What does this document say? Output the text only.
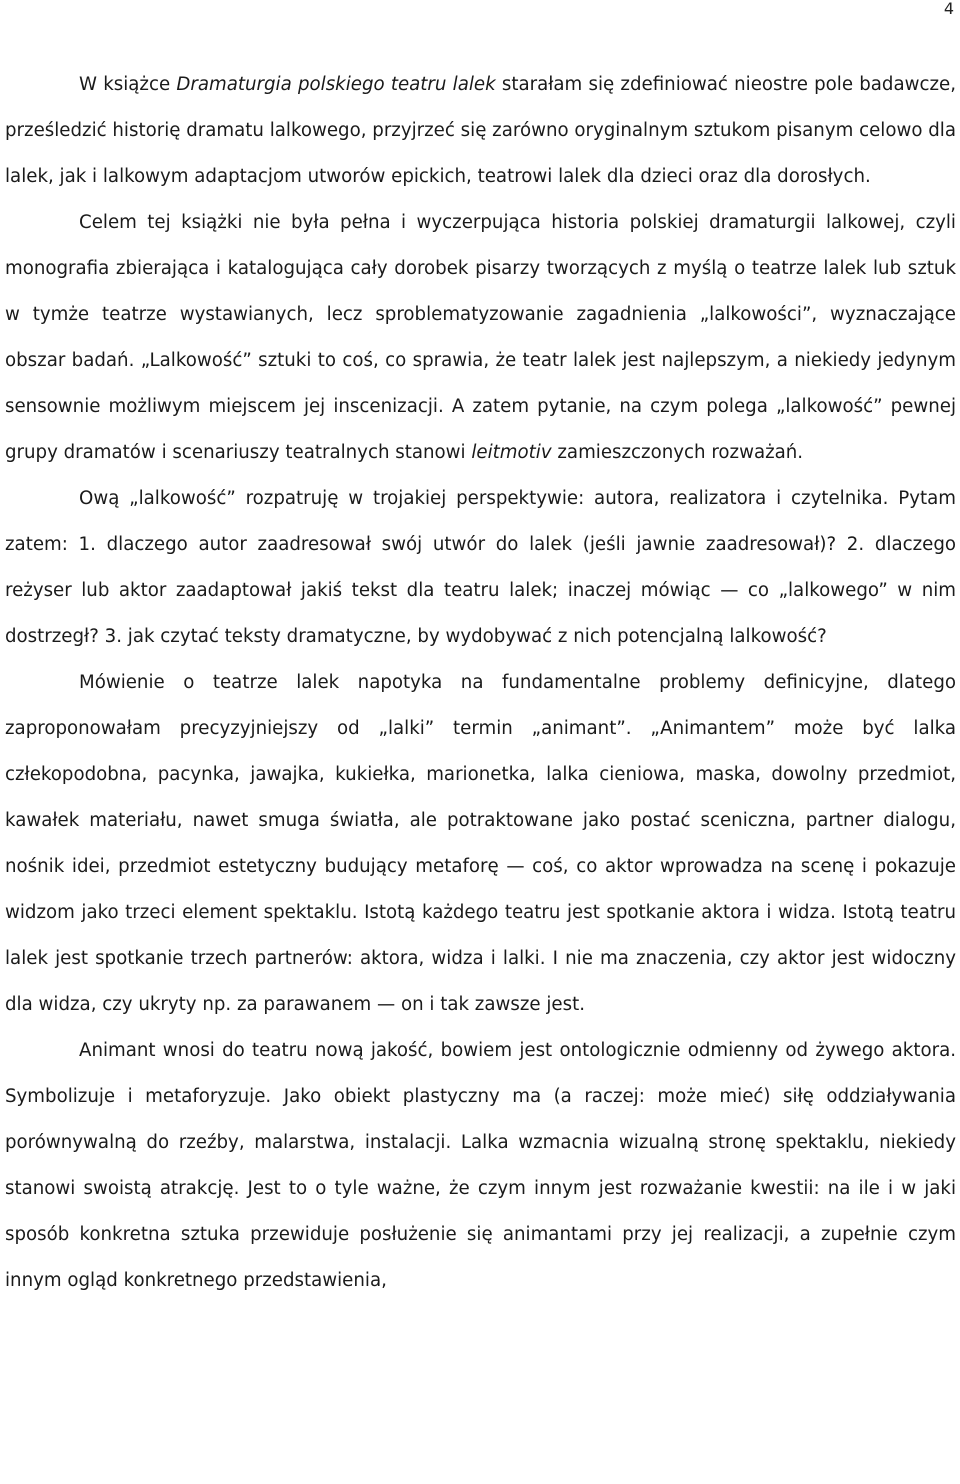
4

W książce Dramaturgia polskiego teatru lalek starałam się zdefiniować nieostre pole badawcze, prześledzić historię dramatu lalkowego, przyjrzeć się zarówno oryginalnym sztukom pisanym celowo dla lalek, jak i lalkowym adaptacjom utworów epickich, teatrowi lalek dla dzieci oraz dla dorosłych.

Celem tej książki nie była pełna i wyczerpująca historia polskiej dramaturgii lalkowej, czyli monografia zbierająca i katalogująca cały dorobek pisarzy tworzących z myślą o teatrze lalek lub sztuk w tymże teatrze wystawianych, lecz sproblematyzowanie zagadnienia „lalkowości”, wyznaczające obszar badań. „Lalkowość” sztuki to coś, co sprawia, że teatr lalek jest najlepszym, a niekiedy jedynym sensownie możliwym miejscem jej inscenizacji. A zatem pytanie, na czym polega „lalkowość” pewnej grupy dramatów i scenariuszy teatralnych stanowi leitmotiv zamieszczonych rozważań.

Ową „lalkowość” rozpatruję w trojakiej perspektywie: autora, realizatora i czytelnika. Pytam zatem: 1. dlaczego autor zaadresował swój utwór do lalek (jeśli jawnie zaadresował)? 2. dlaczego reżyser lub aktor zaadaptował jakiś tekst dla teatru lalek; inaczej mówiąc — co „lalkowego” w nim dostrzegł? 3. jak czytać teksty dramatyczne, by wydobywać z nich potencjalną lalkowość?

Mówienie o teatrze lalek napotyka na fundamentalne problemy definicyjne, dlatego zaproponowałam precyzyjniejszy od „lalki” termin „animant”. „Animantem” może być lalka człekopodobna, pacynka, jawajka, kukiełka, marionetka, lalka cieniowa, maska, dowolny przedmiot, kawałek materiału, nawet smuga światła, ale potraktowane jako postać sceniczna, partner dialogu, nośnik idei, przedmiot estetyczny budujący metaforę — coś, co aktor wprowadza na scenę i pokazuje widzom jako trzeci element spektaklu. Istotą każdego teatru jest spotkanie aktora i widza. Istotą teatru lalek jest spotkanie trzech partnerów: aktora, widza i lalki. I nie ma znaczenia, czy aktor jest widoczny dla widza, czy ukryty np. za parawanem — on i tak zawsze jest.

Animant wnosi do teatru nową jakość, bowiem jest ontologicznie odmienny od żywego aktora. Symbolizuje i metaforyzuje. Jako obiekt plastyczny ma (a raczej: może mieć) siłę oddziaływania porównywalną do rzeźby, malarstwa, instalacji. Lalka wzmacnia wizualną stronę spektaklu, niekiedy stanowi swoistą atrakcję. Jest to o tyle ważne, że czym innym jest rozważanie kwestii: na ile i w jaki sposób konkretna sztuka przewiduje posłużenie się animantami przy jej realizacji, a zupełnie czym innym ogląd konkretnego przedstawienia,
